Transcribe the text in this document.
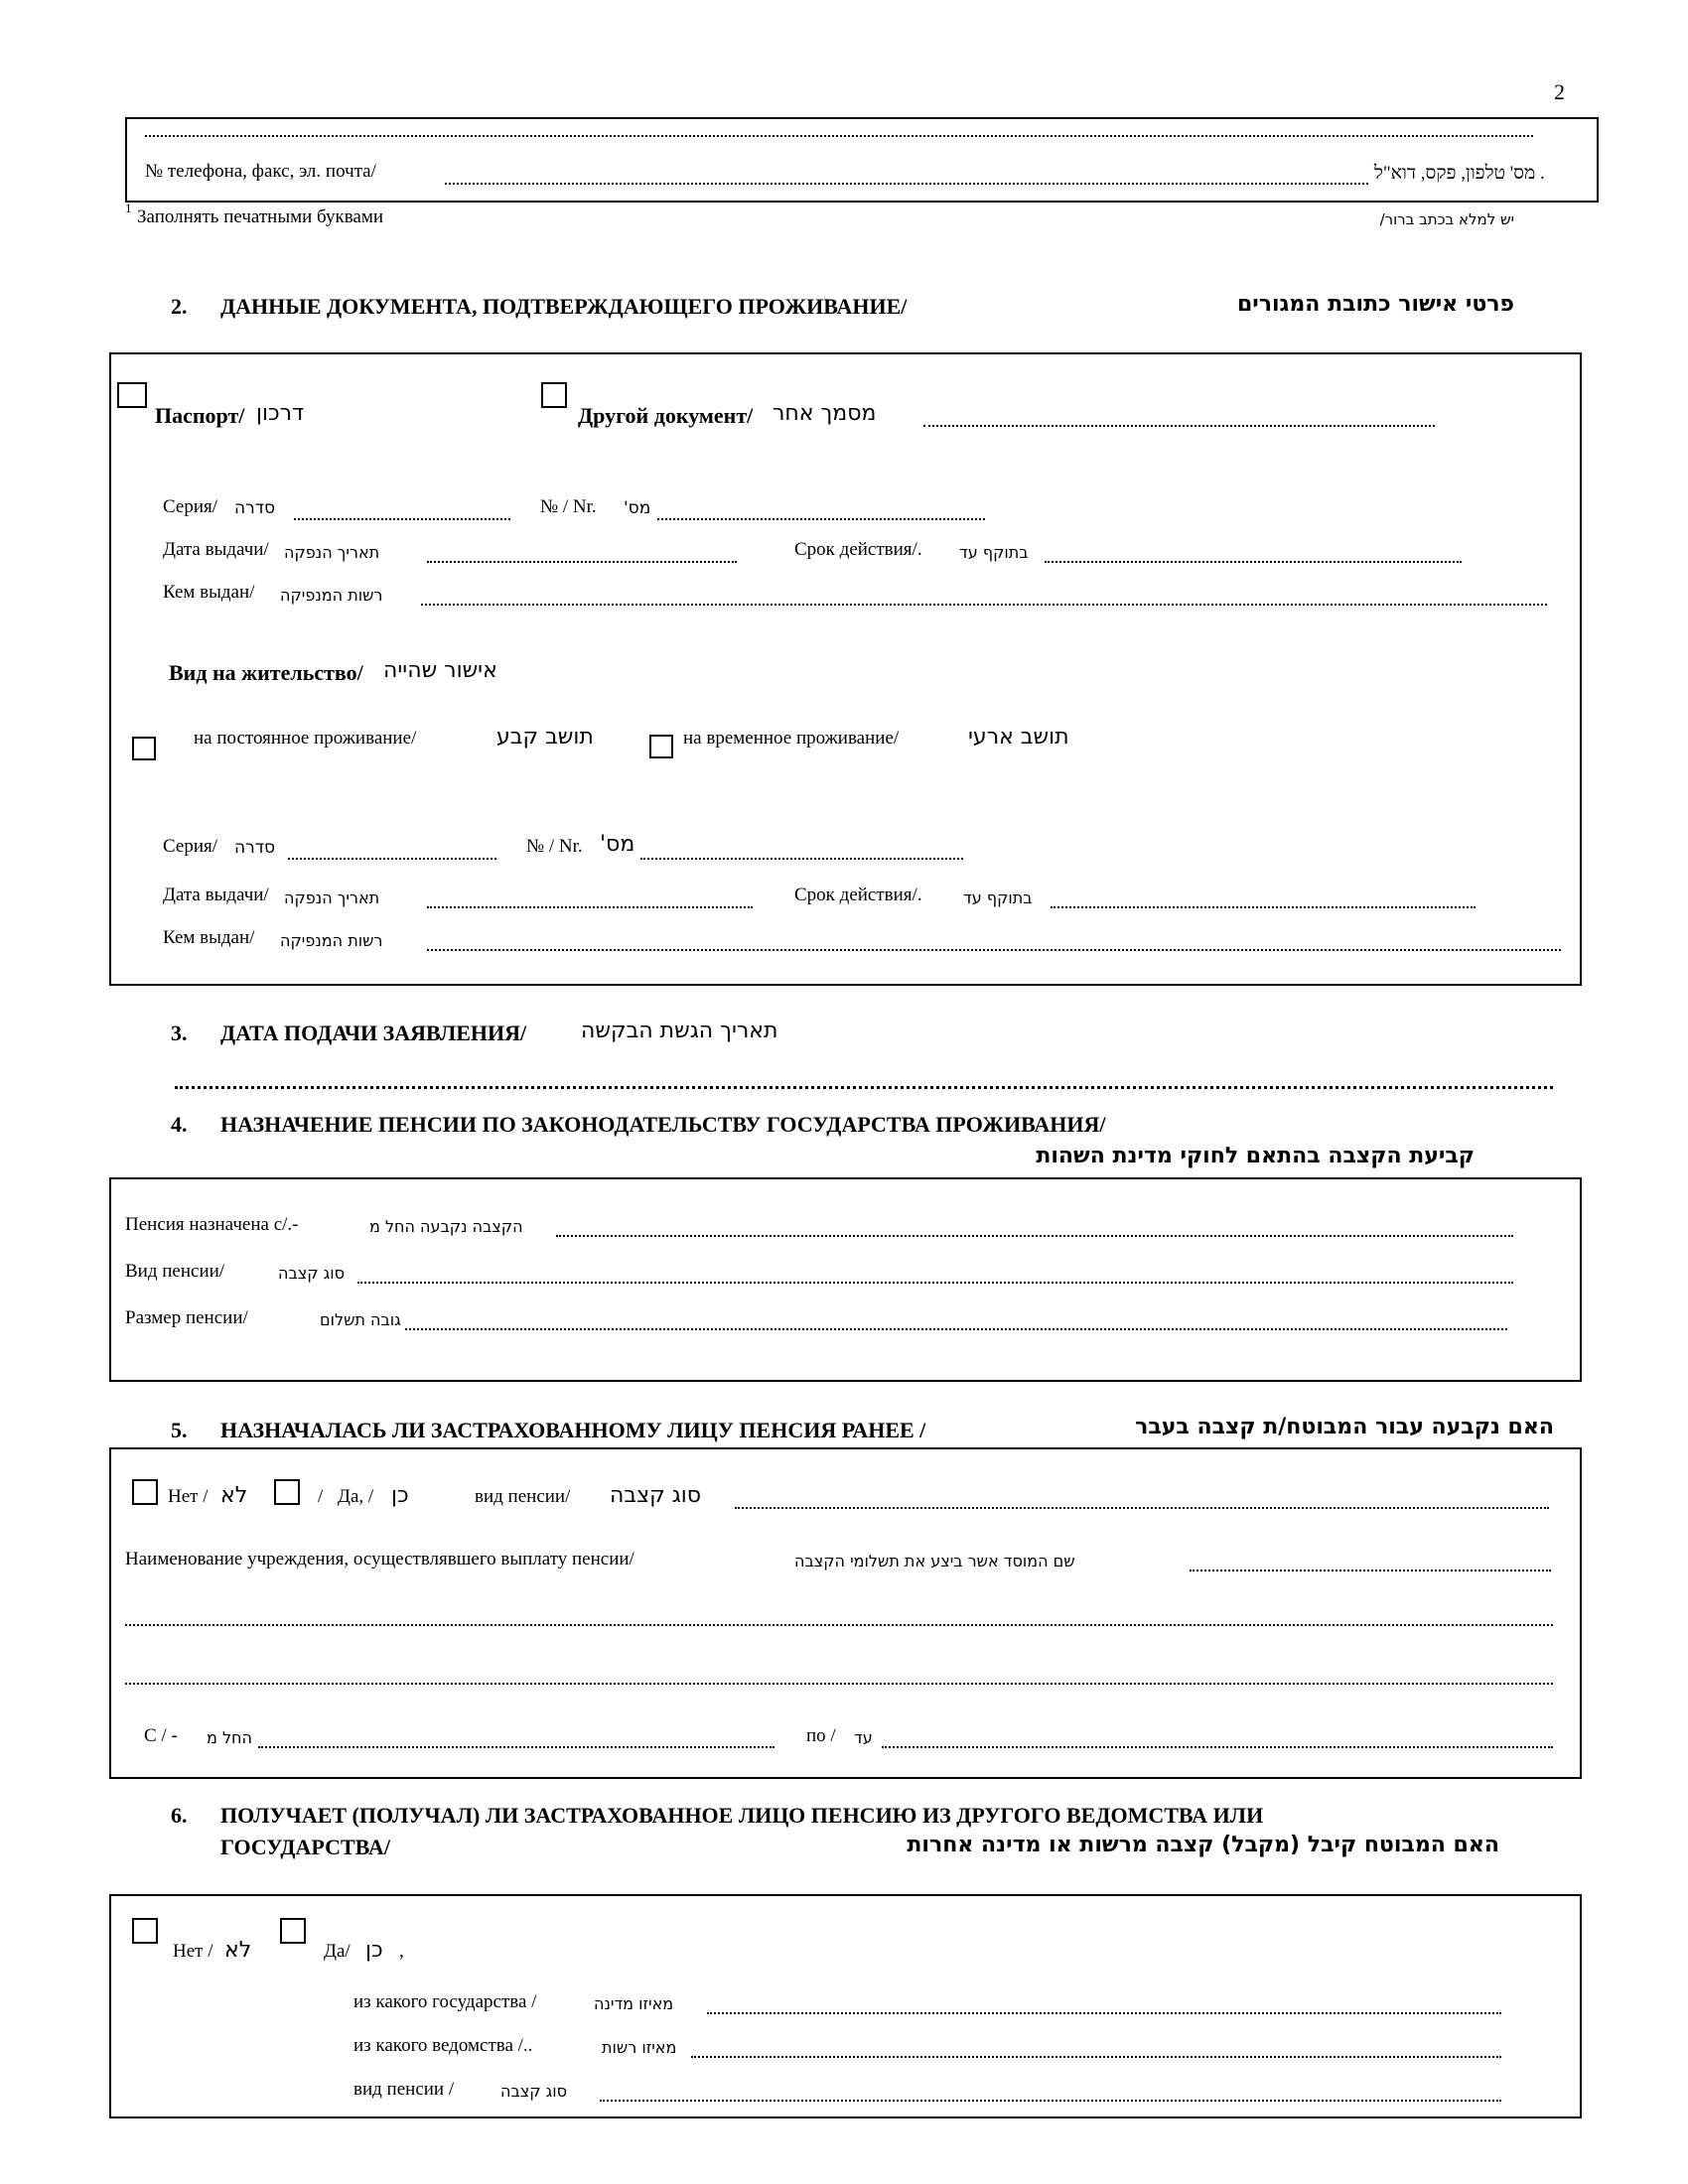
2
№ телефона, факс, эл. почта/	. מס' טלפון, פקס, דוא"ל
1 Заполнять печатными буквами	יש למלא בכתב ברור/
2. ДАННЫЕ ДОКУМЕНТА, ПОДТВЕРЖДАЮЩЕГО ПРОЖИВАНИЕ/	פרטי אישור כתובת המגורים
Паспорт/ דרכון	Другой документ/ מסמך אחר
Серия/ סדרה	№ / Nr. מס'
Дата выдачи/ תאריך הנפקה	Срок действия/. בתוקף עד
Кем выдан/ רשות המנפיקה
Вид на жительство/ אישור שהייה
на постоянное проживание/	תושב קבע	на временное проживание/	תושב ארעי
Серия/ סדרה	№ / Nr. מס'
Дата выдачи/ תאריך הנפקה	Срок действия/.	בתוקף עד
Кем выдан/ רשות המנפיקה
3. ДАТА ПОДАЧИ ЗАЯВЛЕНИЯ/ תאריך הגשת הבקשה
4. НАЗНАЧЕНИЕ ПЕНСИИ ПО ЗАКОНОДАТЕЛЬСТВУ ГОСУДАРСТВА ПРОЖИВАНИЯ/
קביעת הקצבה בהתאם לחוקי מדינת השהות
Пенсия назначена с/.-	הקצבה נקבעה החל מ
Вид пенсии/	סוג קצבה
Размер пенсии/	גובה תשלום
5. НАЗНАЧАЛАСЬ ЛИ ЗАСТРАХОВАННОМУ ЛИЦУ ПЕНСИЯ РАНЕЕ /	האם נקבעה עבור המבוטח/ת קצבה בעבר
Нет / לא	/ Да, / כן	вид пенсии/ סוג קצבה
Наименование учреждения, осуществлявшего выплату пенсии/	שם המוסד אשר ביצע את תשלומי הקצבה
С / - החל מ	по / עד
6. ПОЛУЧАЕТ (ПОЛУЧАЛ) ЛИ ЗАСТРАХОВАННОЕ ЛИЦО ПЕНСИЮ ИЗ ДРУГОГО ВЕДОМСТВА ИЛИ
ГОСУДАРСТВА/	האם המבוטח קיבל (מקבל) קצבה מרשות או מדינה אחרות
Нет / לא	Да/ כן ,
из какого государства /	מאיזו מדינה
из какого ведомства /..	מאיזו רשות
вид пенсии /	סוג קצבה
